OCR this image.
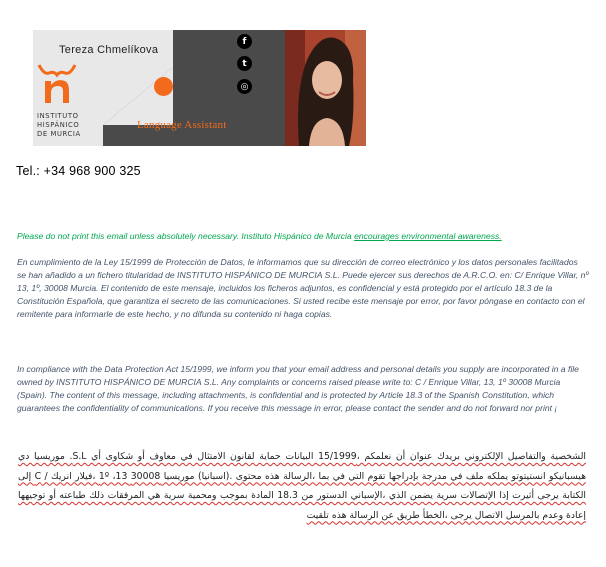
INSTITUTO
HISPÁNICO
DE MURCIA
Tereza Chmelíkova
Language Assistant
f
t
◎
Tel.: +34 968 900 325

Please do not print this email unless absolutely necessary. Instituto Hispánico de Murcia encourages environmental awareness.

En cumplimiento de la Ley 15/1999 de Protección de Datos, le informamos que su dirección de correo electrónico y los datos personales facilitados se han añadido a un fichero titularidad de INSTITUTO HISPÁNICO DE MURCIA S.L. Puede ejercer sus derechos de A.R.C.O. en: C/ Enrique Villar, nº 13, 1º, 30008 Murcia. El contenido de este mensaje, incluidos los ficheros adjuntos, es confidencial y está protegido por el artículo 18.3 de la Constitución Española, que garantiza el secreto de las comunicaciones. Si usted recibe este mensaje por error, por favor póngase en contacto con el remitente para informarle de este hecho, y no difunda su contenido ni haga copias.

In compliance with the Data Protection Act 15/1999, we inform you that your email address and personal details you supply are incorporated in a file owned by INSTITUTO HISPÁNICO DE MURCIA S.L. Any complaints or concerns raised please write to: C / Enrique Villar, 13, 1º 30008 Murcia (Spain). The content of this message, including attachments, is confidential and is protected by Article 18.3 of the Spanish Constitution, which guarantees the confidentiality of communications. If you receive this message in error, please contact the sender and do not forward nor print ¡

الشخصية والتفاصيل الإلكتروني بريدك عنوان أن نعلمكم ،15/1999 البيانات حماية لقانون الامتثال في معاوف أو شكاوى أي S.L. موريسيا دي هيسبانيكو انستيتوتو يملكه ملف في مدرجة بإدراجها تقوم التي في بما ،الرسالة هذه محتوى .(اسبانيا) موريسيا 30008 1º ،13 ،فيلار انريك / C إلى الكتابة يرجى أثيرت إذا الإتصالات سرية يضمن الذي ،الإسباني الدستور من 18.3 المادة بموجب ومحمية سرية هي المرفقات ذلك طباعته أو توجيهها إعادة وعدم بالمرسل الاتصال يرجى ،الخطأ طريق عن الرسالة هذه تلقيت
